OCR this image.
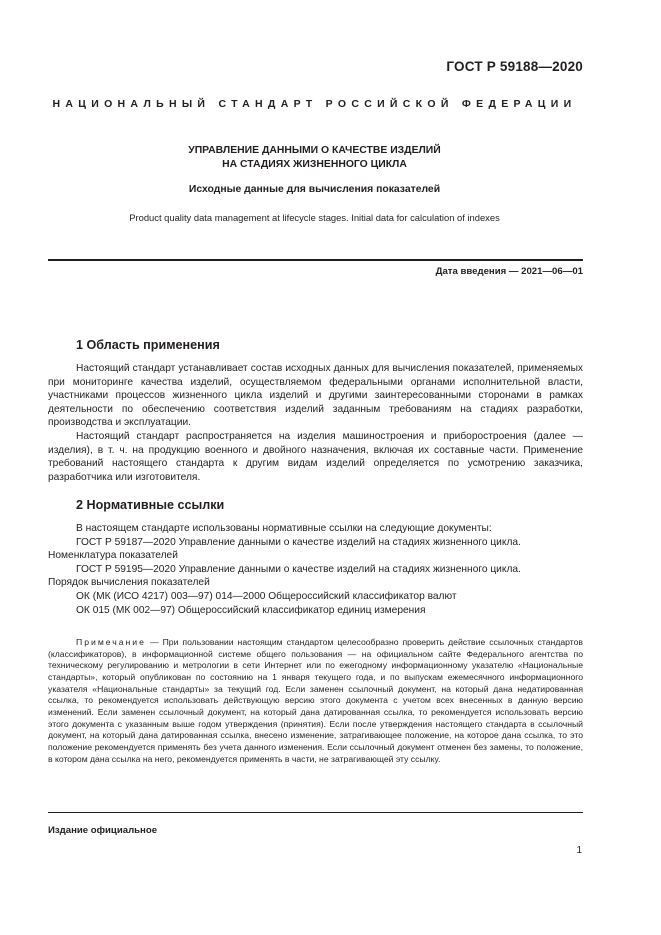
ГОСТ Р 59188—2020
НАЦИОНАЛЬНЫЙ СТАНДАРТ РОССИЙСКОЙ ФЕДЕРАЦИИ
УПРАВЛЕНИЕ ДАННЫМИ О КАЧЕСТВЕ ИЗДЕЛИЙ
НА СТАДИЯХ ЖИЗНЕННОГО ЦИКЛА
Исходные данные для вычисления показателей
Product quality data management at lifecycle stages. Initial data for calculation of indexes
Дата введения — 2021—06—01
1 Область применения

Настоящий стандарт устанавливает состав исходных данных для вычисления показателей, применяемых при мониторинге качества изделий, осуществляемом федеральными органами исполнительной власти, участниками процессов жизненного цикла изделий и другими заинтересованными сторонами в рамках деятельности по обеспечению соответствия изделий заданным требованиям на стадиях разработки, производства и эксплуатации.

Настоящий стандарт распространяется на изделия машиностроения и приборостроения (далее — изделия), в т. ч. на продукцию военного и двойного назначения, включая их составные части. Применение требований настоящего стандарта к другим видам изделий определяется по усмотрению заказчика, разработчика или изготовителя.

2 Нормативные ссылки

В настоящем стандарте использованы нормативные ссылки на следующие документы:

ГОСТ Р 59187—2020 Управление данными о качестве изделий на стадиях жизненного цикла.

Номенклатура показателей

ГОСТ Р 59195—2020 Управление данными о качестве изделий на стадиях жизненного цикла.

Порядок вычисления показателей

ОК (МК (ИСО 4217) 003—97) 014—2000 Общероссийский классификатор валют

ОК 015 (МК 002—97) Общероссийский классификатор единиц измерения

Примечание — При пользовании настоящим стандартом целесообразно проверить действие ссылочных стандартов (классификаторов), в информационной системе общего пользования — на официальном сайте Федерального агентства по техническому регулированию и метрологии в сети Интернет или по ежегодному информационному указателю «Национальные стандарты», который опубликован по состоянию на 1 января текущего года, и по выпускам ежемесячного информационного указателя «Национальные стандарты» за текущий год. Если заменен ссылочный документ, на который дана недатированная ссылка, то рекомендуется использовать действующую версию этого документа с учетом всех внесенных в данную версию изменений. Если заменен ссылочный документ, на который дана датированная ссылка, то рекомендуется использовать версию этого документа с указанным выше годом утверждения (принятия). Если после утверждения настоящего стандарта в ссылочный документ, на который дана датированная ссылка, внесено изменение, затрагивающее положение, на которое дана ссылка, то это положение рекомендуется применять без учета данного изменения. Если ссылочный документ отменен без замены, то положение, в котором дана ссылка на него, рекомендуется применять в части, не затрагивающей эту ссылку.

Издание официальное
1
